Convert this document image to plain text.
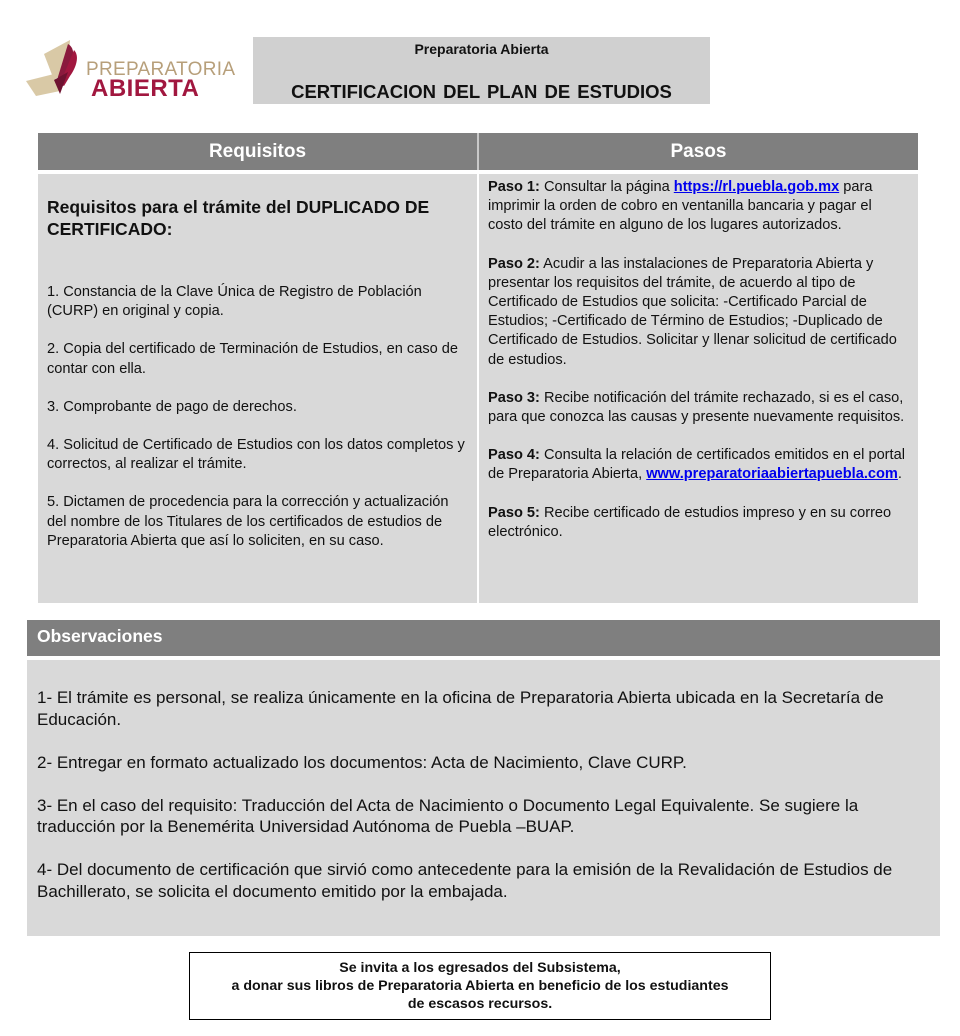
PREPARATORIA
ABIERTA
Preparatoria Abierta
CERTIFICACION DEL PLAN DE ESTUDIOS
Requisitos	Pasos
Requisitos para el trámite del DUPLICADO DE CERTIFICADO:
1. Constancia de la Clave Única de Registro de Población (CURP) en original y copia.
2. Copia del certificado de Terminación de Estudios, en caso de contar con ella.
3. Comprobante de pago de derechos.
4. Solicitud de Certificado de Estudios con los datos completos y correctos, al realizar el trámite.
5. Dictamen de procedencia para la corrección y actualización del nombre de los Titulares de los certificados de estudios de Preparatoria Abierta que así lo soliciten, en su caso.
Paso 1: Consultar la página https://rl.puebla.gob.mx para imprimir la orden de cobro en ventanilla bancaria y pagar el costo del trámite en alguno de los lugares autorizados.
Paso 2: Acudir a las instalaciones de Preparatoria Abierta y presentar los requisitos del trámite, de acuerdo al tipo de Certificado de Estudios que solicita: -Certificado Parcial de Estudios; -Certificado de Término de Estudios; -Duplicado de Certificado de Estudios. Solicitar y llenar solicitud de certificado de estudios.
Paso 3: Recibe notificación del trámite rechazado, si es el caso, para que conozca las causas y presente nuevamente requisitos.
Paso 4: Consulta la relación de certificados emitidos en el portal de Preparatoria Abierta, www.preparatoriaabiertapuebla.com.
Paso 5: Recibe certificado de estudios impreso y en su correo electrónico.
Observaciones
1- El trámite es personal, se realiza únicamente en la oficina de Preparatoria Abierta ubicada en la Secretaría de Educación.
2- Entregar en formato actualizado los documentos: Acta de Nacimiento, Clave CURP.
3- En el caso del requisito: Traducción del Acta de Nacimiento o Documento Legal Equivalente. Se sugiere la traducción por la Benemérita Universidad Autónoma de Puebla –BUAP.
4- Del documento de certificación que sirvió como antecedente para la emisión de la Revalidación de Estudios de Bachillerato, se solicita el documento emitido por la embajada.
Se invita a los egresados del Subsistema,
a donar sus libros de Preparatoria Abierta en beneficio de los estudiantes
de escasos recursos.
